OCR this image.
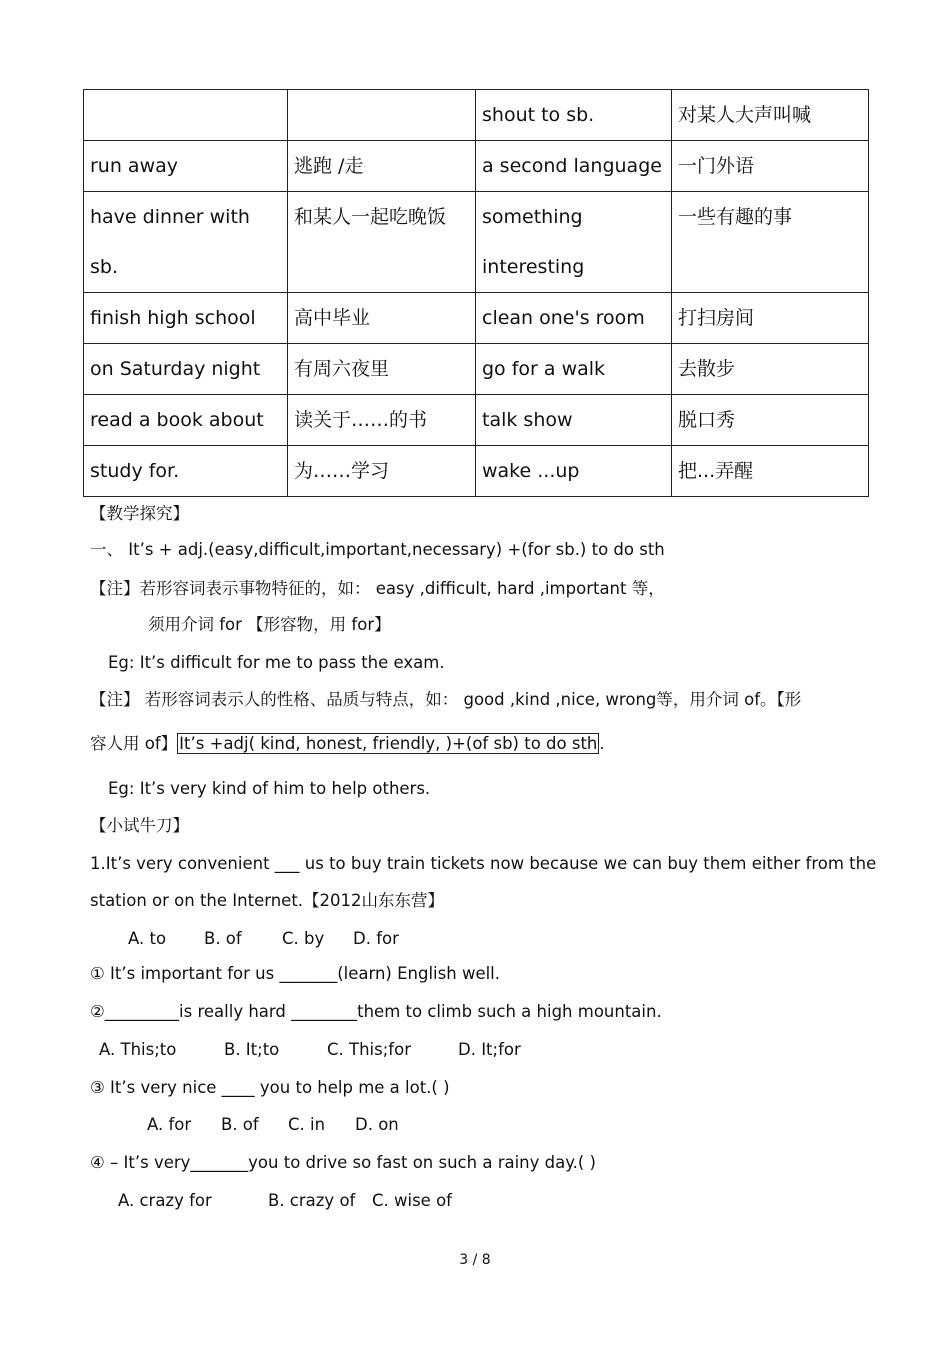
		shout to sb.	对某人大声叫喊
run away	逃跑 /走	a second language	一门外语
have dinner with sb.	和某人一起吃晚饭	something interesting	一些有趣的事
finish high school	高中毕业	clean one's room	打扫房间
on Saturday night	有周六夜里	go for a walk	去散步
read a book about	读关于……的书	talk show	脱口秀
study for.	为……学习	wake ...up	把...弄醒
【教学探究】
一、 It’s + adj.(easy,difficult,important,necessary) +(for sb.) to do sth
【注】若形容词表示事物特征的，如： easy ,difficult, hard ,important 等，
须用介词 for 【形容物，用 for】
Eg: It’s difficult for me to pass the exam.
【注】 若形容词表示人的性格、品质与特点，如： good ,kind ,nice, wrong等，用介词 of。【形
容人用 of】 It’s +adj( kind, honest, friendly, )+(of sb) to do sth .
Eg: It’s very kind of him to help others.
【小试牛刀】
1.It’s very convenient ___ us to buy train tickets now because we can buy them either from the
station or on the Internet.【2012山东东营】
A. to B. of C. by D. for
① It’s important for us _______(learn) English well.
②_________is really hard ________them to climb such a high mountain.
A. This;to	B. It;to	C. This;for	D. It;for
③ It’s very nice ____ you to help me a lot.( )
A. for B. of C. in D. on
④ – It’s very_______you to drive so fast on such a rainy day.( )
A. crazy for	B. crazy of C. wise of
3 / 8
